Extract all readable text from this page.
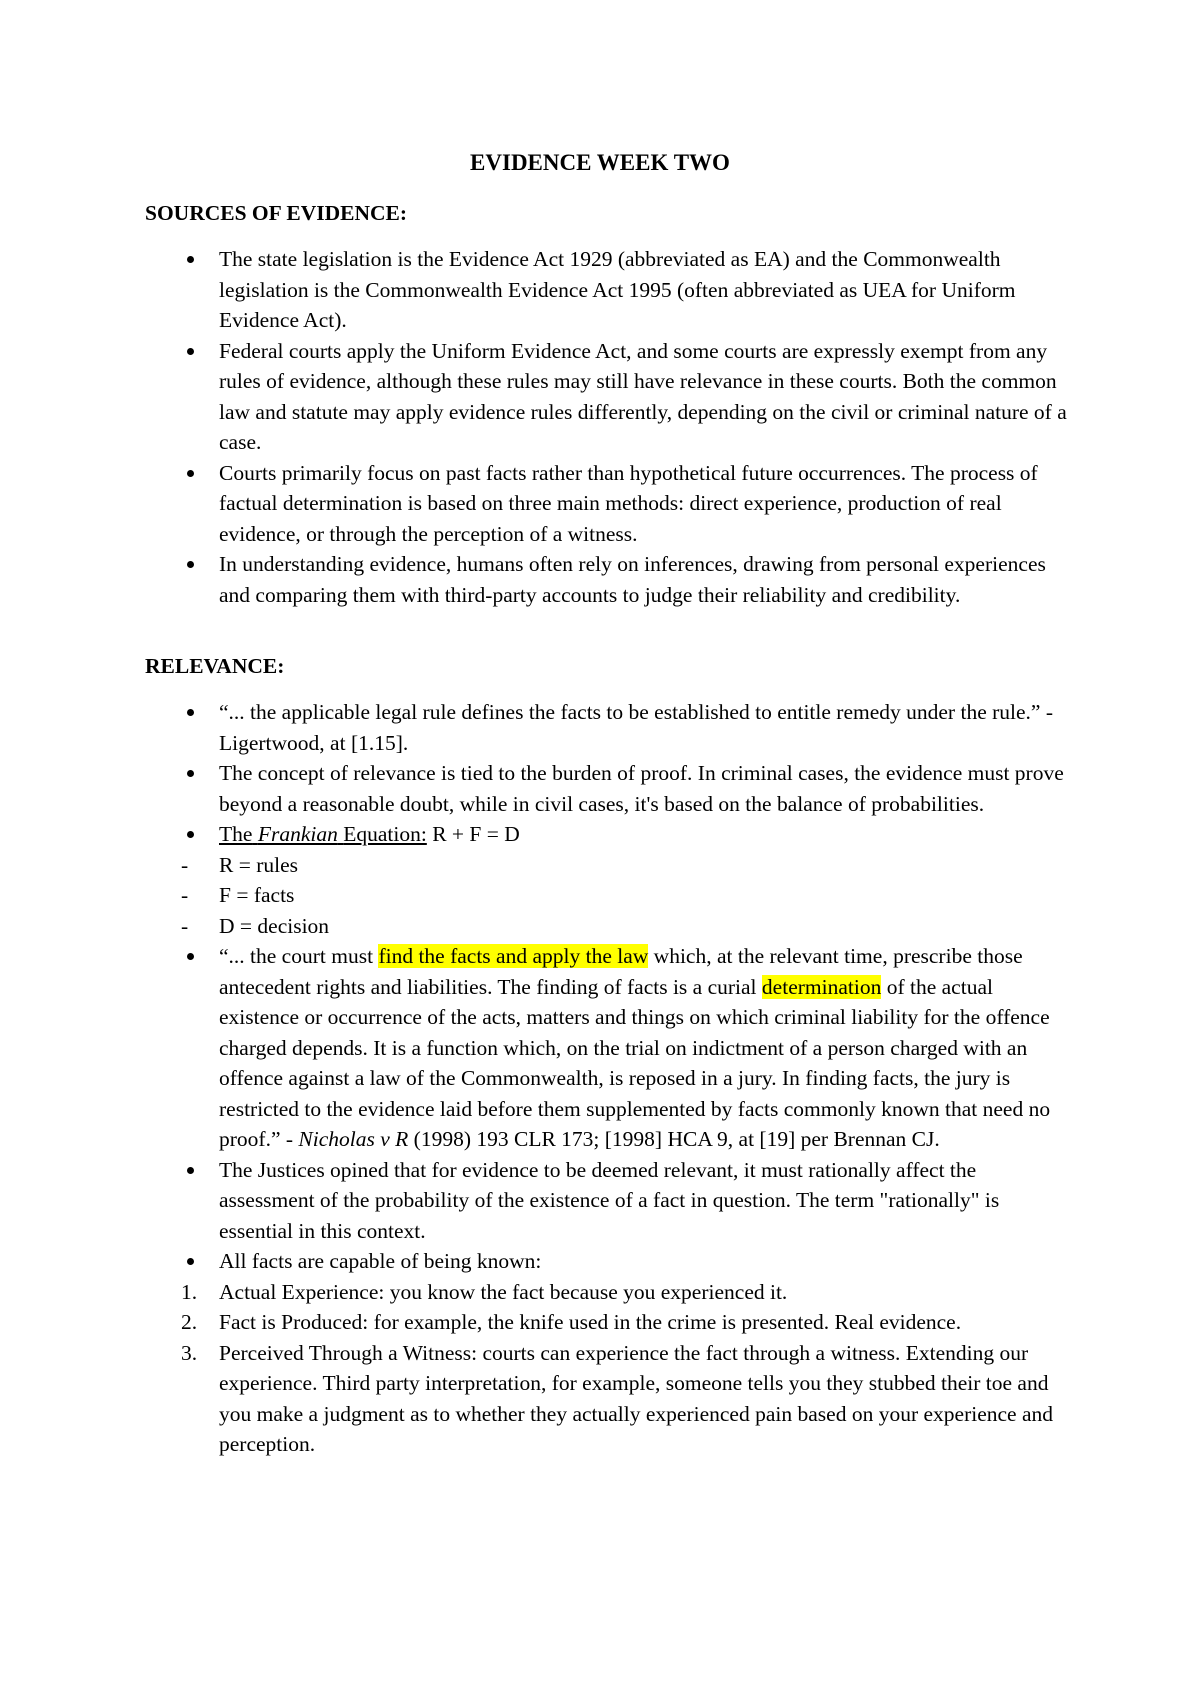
EVIDENCE WEEK TWO
SOURCES OF EVIDENCE:
The state legislation is the Evidence Act 1929 (abbreviated as EA) and the Commonwealth legislation is the Commonwealth Evidence Act 1995 (often abbreviated as UEA for Uniform Evidence Act).
Federal courts apply the Uniform Evidence Act, and some courts are expressly exempt from any rules of evidence, although these rules may still have relevance in these courts. Both the common law and statute may apply evidence rules differently, depending on the civil or criminal nature of a case.
Courts primarily focus on past facts rather than hypothetical future occurrences. The process of factual determination is based on three main methods: direct experience, production of real evidence, or through the perception of a witness.
In understanding evidence, humans often rely on inferences, drawing from personal experiences and comparing them with third-party accounts to judge their reliability and credibility.
RELEVANCE:
“... the applicable legal rule defines the facts to be established to entitle remedy under the rule.” - Ligertwood, at [1.15].
The concept of relevance is tied to the burden of proof. In criminal cases, the evidence must prove beyond a reasonable doubt, while in civil cases, it's based on the balance of probabilities.
The Frankian Equation: R + F = D
- R = rules
- F = facts
- D = decision
“... the court must find the facts and apply the law which, at the relevant time, prescribe those antecedent rights and liabilities. The finding of facts is a curial determination of the actual existence or occurrence of the acts, matters and things on which criminal liability for the offence charged depends. It is a function which, on the trial on indictment of a person charged with an offence against a law of the Commonwealth, is reposed in a jury. In finding facts, the jury is restricted to the evidence laid before them supplemented by facts commonly known that need no proof.” - Nicholas v R (1998) 193 CLR 173; [1998] HCA 9, at [19] per Brennan CJ.
The Justices opined that for evidence to be deemed relevant, it must rationally affect the assessment of the probability of the existence of a fact in question. The term "rationally" is essential in this context.
All facts are capable of being known:
1. Actual Experience: you know the fact because you experienced it.
2. Fact is Produced: for example, the knife used in the crime is presented. Real evidence.
3. Perceived Through a Witness: courts can experience the fact through a witness. Extending our experience. Third party interpretation, for example, someone tells you they stubbed their toe and you make a judgment as to whether they actually experienced pain based on your experience and perception.
